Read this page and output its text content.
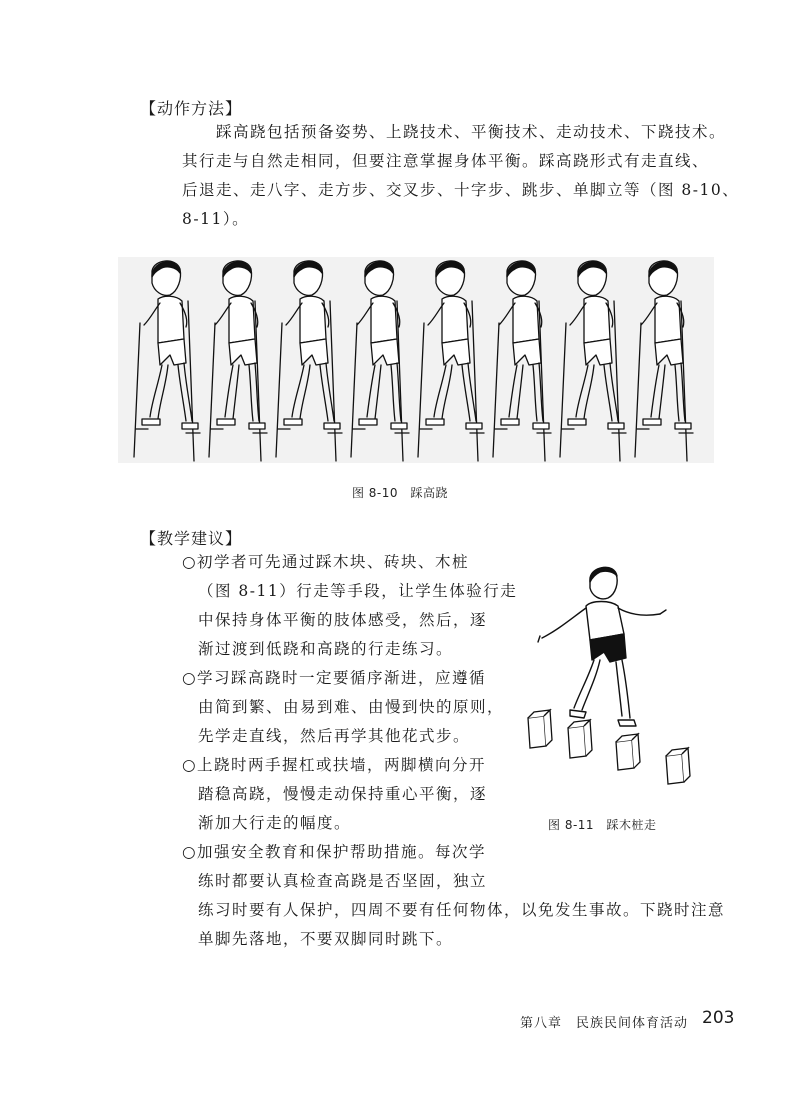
【动作方法】
踩高跷包括预备姿势、上跷技术、平衡技术、走动技术、下跷技术。
其行走与自然走相同，但要注意掌握身体平衡。踩高跷形式有走直线、
后退走、走八字、走方步、交叉步、十字步、跳步、单脚立等（图 8-10、
8-11）。
图 8-10　踩高跷
【教学建议】
○初学者可先通过踩木块、砖块、木桩
（图 8-11）行走等手段，让学生体验行走
中保持身体平衡的肢体感受，然后，逐
渐过渡到低跷和高跷的行走练习。
○学习踩高跷时一定要循序渐进，应遵循
由简到繁、由易到难、由慢到快的原则，
先学走直线，然后再学其他花式步。
○上跷时两手握杠或扶墙，两脚横向分开
踏稳高跷，慢慢走动保持重心平衡，逐
渐加大行走的幅度。
○加强安全教育和保护帮助措施。每次学
练时都要认真检查高跷是否坚固，独立
练习时要有人保护，四周不要有任何物体，以免发生事故。下跷时注意
单脚先落地，不要双脚同时跳下。
图 8-11　踩木桩走
第八章　民族民间体育活动 203
